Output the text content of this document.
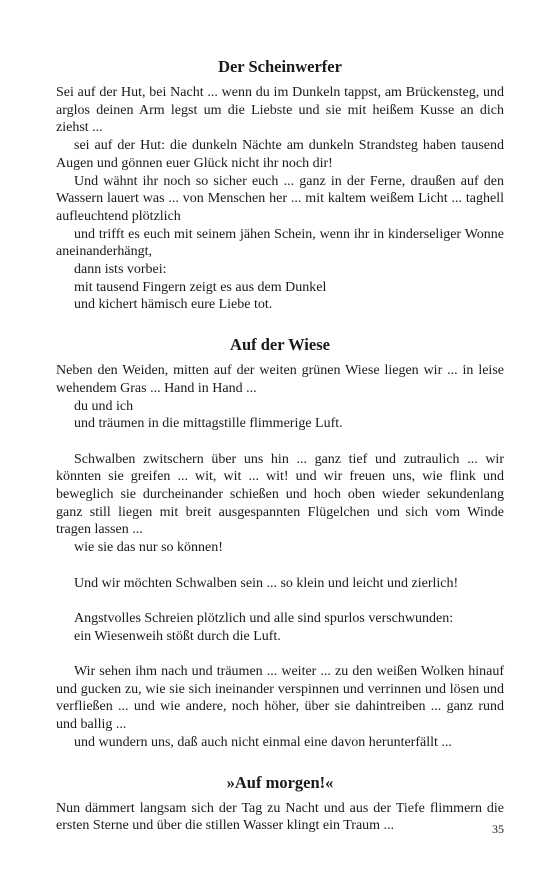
Der Scheinwerfer

Sei auf der Hut, bei Nacht ... wenn du im Dunkeln tappst, am Brückensteg, und arglos deinen Arm legst um die Liebste und sie mit heißem Kusse an dich ziehst ...

sei auf der Hut: die dunkeln Nächte am dunkeln Strandsteg haben tausend Augen und gönnen euer Glück nicht ihr noch dir!

Und wähnt ihr noch so sicher euch ... ganz in der Ferne, draußen auf den Wassern lauert was ... von Menschen her ... mit kaltem weißem Licht ... taghell aufleuchtend plötzlich

und trifft es euch mit seinem jähen Schein, wenn ihr in kinderseliger Wonne aneinanderhängt,

dann ists vorbei:

mit tausend Fingern zeigt es aus dem Dunkel

und kichert hämisch eure Liebe tot.

Auf der Wiese

Neben den Weiden, mitten auf der weiten grünen Wiese liegen wir ... in leise wehendem Gras ... Hand in Hand ...

du und ich

und träumen in die mittagstille flimmerige Luft.

Schwalben zwitschern über uns hin ... ganz tief und zutraulich ... wir könnten sie greifen ... wit, wit ... wit! und wir freuen uns, wie flink und beweglich sie durcheinander schießen und hoch oben wieder sekundenlang ganz still liegen mit breit ausgespannten Flügelchen und sich vom Winde tragen lassen ...

wie sie das nur so können!

Und wir möchten Schwalben sein ... so klein und leicht und zierlich!

Angstvolles Schreien plötzlich und alle sind spurlos verschwunden:

ein Wiesenweih stößt durch die Luft.

Wir sehen ihm nach und träumen ... weiter ... zu den weißen Wolken hinauf und gucken zu, wie sie sich ineinander verspinnen und verrinnen und lösen und verfließen ... und wie andere, noch höher, über sie dahintreiben ... ganz rund und ballig ...

und wundern uns, daß auch nicht einmal eine davon herunterfällt ...

»Auf morgen!«

Nun dämmert langsam sich der Tag zu Nacht und aus der Tiefe flimmern die ersten Sterne und über die stillen Wasser klingt ein Traum ...	35
